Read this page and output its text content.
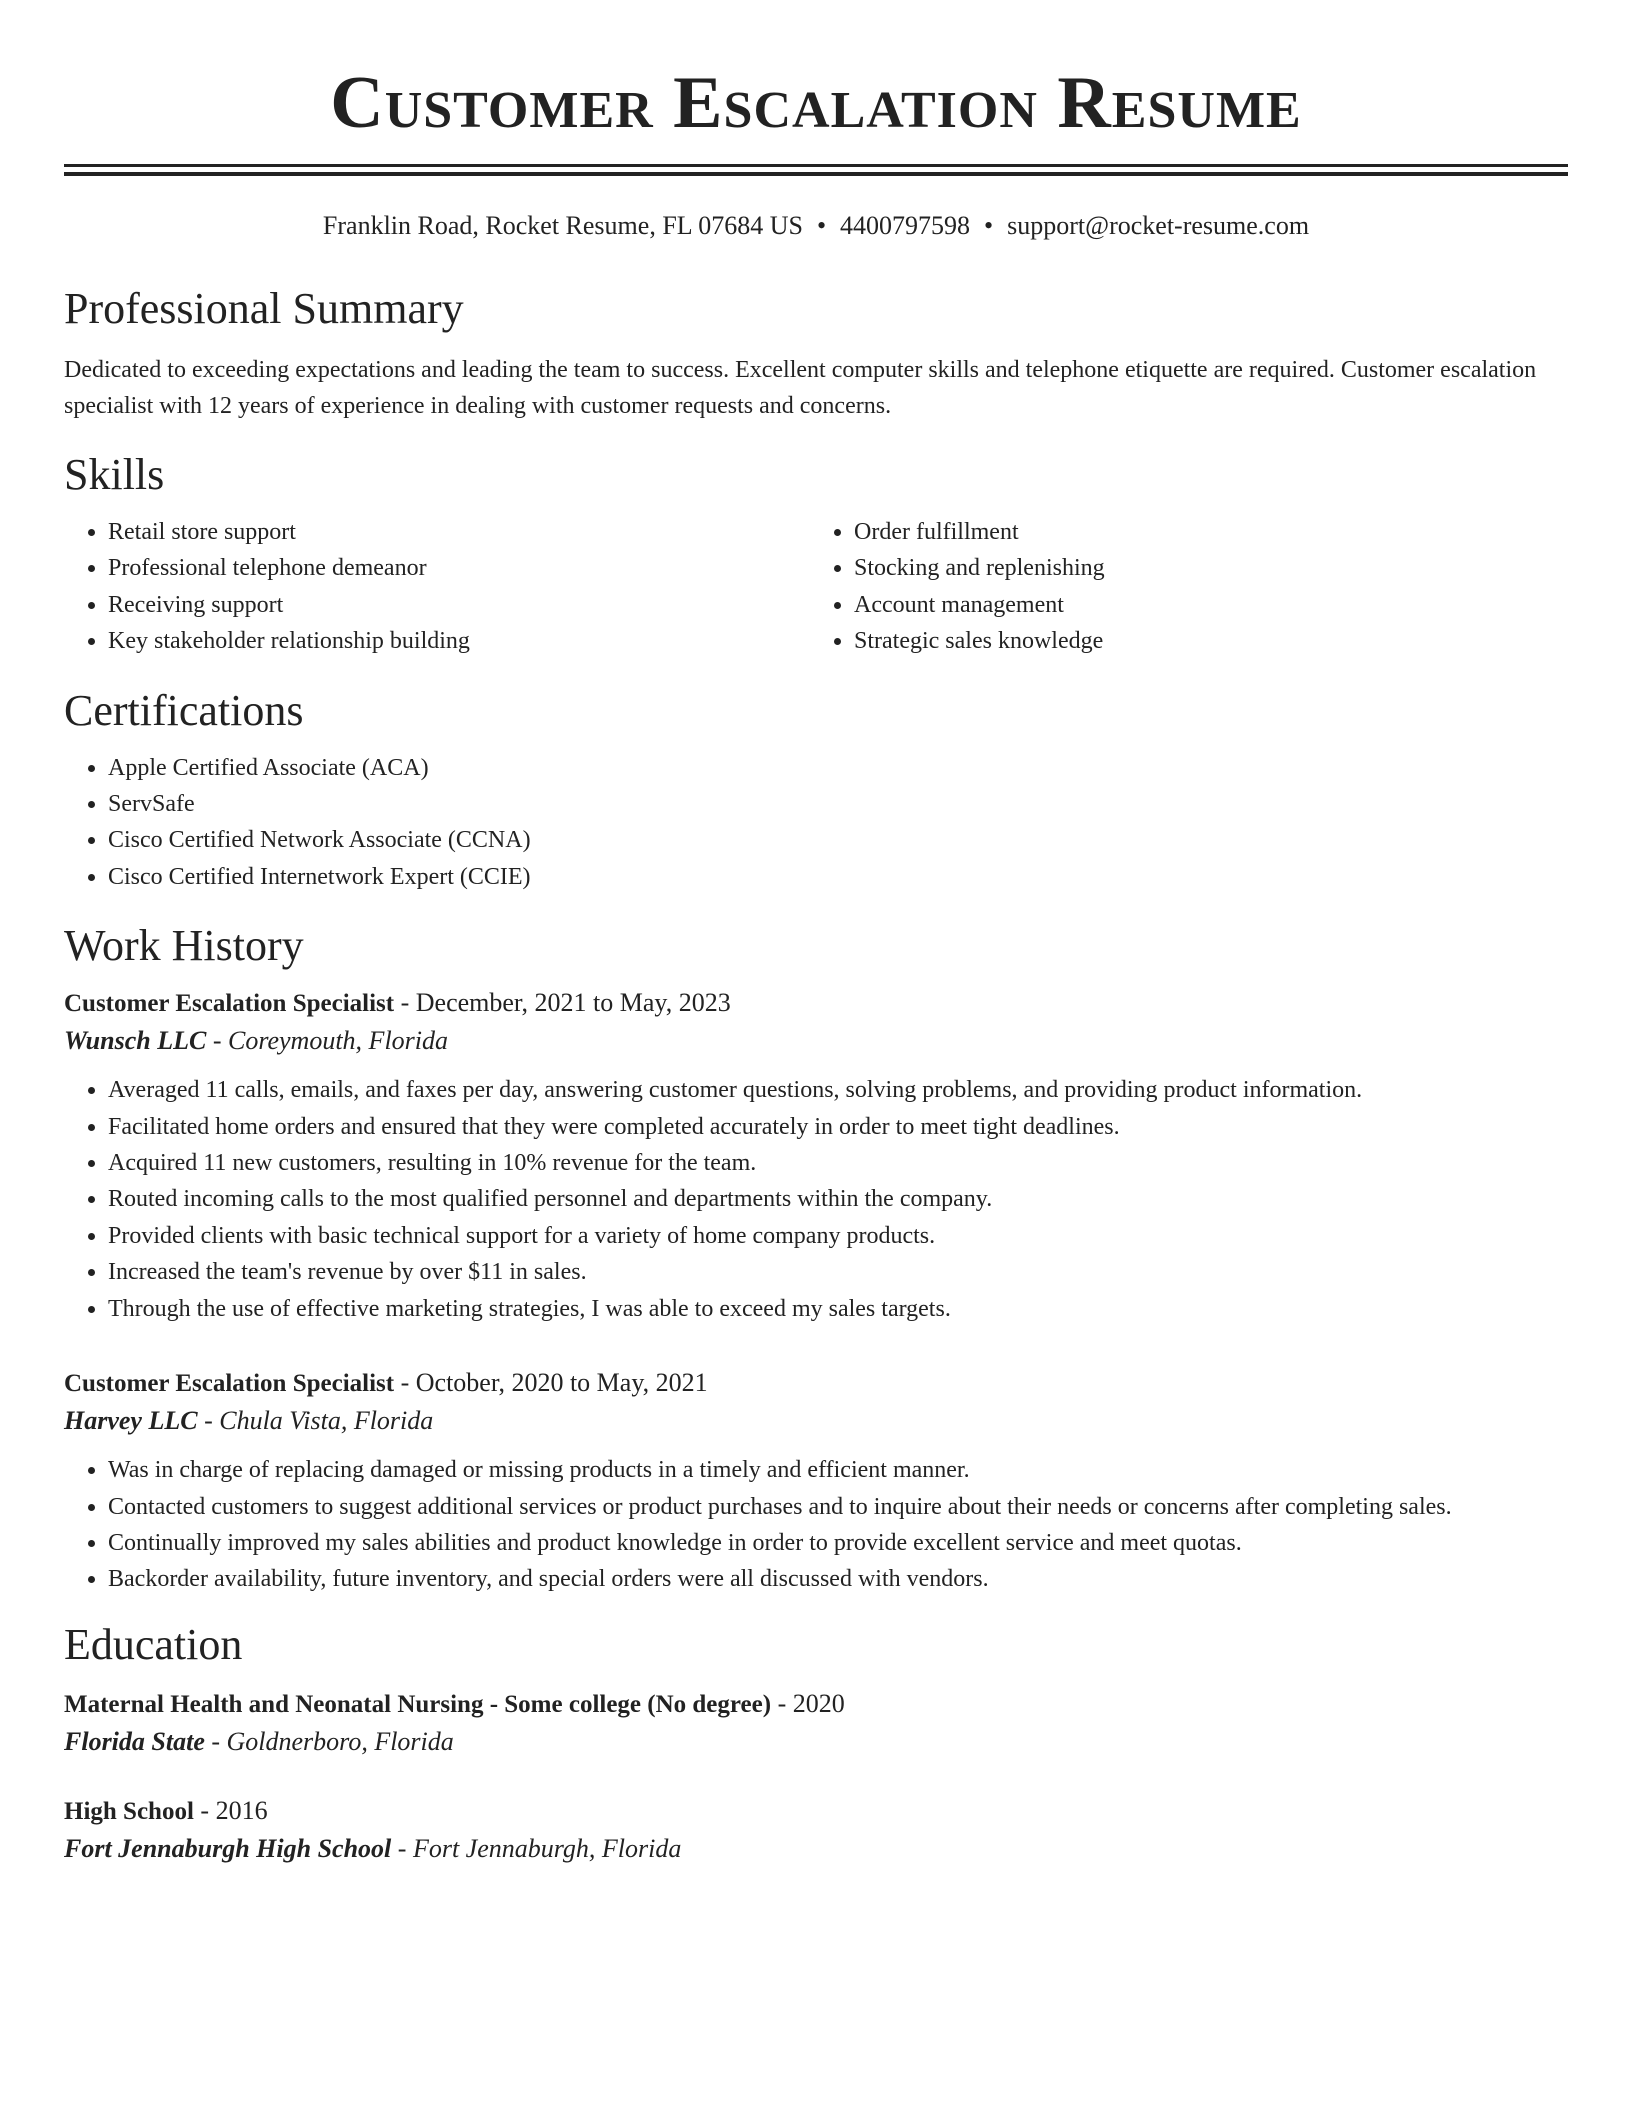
Customer Escalation Resume
Franklin Road, Rocket Resume, FL 07684 US • 4400797598 • support@rocket-resume.com
Professional Summary

Dedicated to exceeding expectations and leading the team to success. Excellent computer skills and telephone etiquette are required. Customer escalation specialist with 12 years of experience in dealing with customer requests and concerns.

Skills
• Retail store support
• Professional telephone demeanor
• Receiving support
• Key stakeholder relationship building
• Order fulfillment
• Stocking and replenishing
• Account management
• Strategic sales knowledge
Certifications
• Apple Certified Associate (ACA)
• ServSafe
• Cisco Certified Network Associate (CCNA)
• Cisco Certified Internetwork Expert (CCIE)
Work History
Customer Escalation Specialist - December, 2021 to May, 2023
Wunsch LLC - Coreymouth, Florida
• Averaged 11 calls, emails, and faxes per day, answering customer questions, solving problems, and providing product information.
• Facilitated home orders and ensured that they were completed accurately in order to meet tight deadlines.
• Acquired 11 new customers, resulting in 10% revenue for the team.
• Routed incoming calls to the most qualified personnel and departments within the company.
• Provided clients with basic technical support for a variety of home company products.
• Increased the team's revenue by over $11 in sales.
• Through the use of effective marketing strategies, I was able to exceed my sales targets.
Customer Escalation Specialist - October, 2020 to May, 2021
Harvey LLC - Chula Vista, Florida
• Was in charge of replacing damaged or missing products in a timely and efficient manner.
• Contacted customers to suggest additional services or product purchases and to inquire about their needs or concerns after completing sales.
• Continually improved my sales abilities and product knowledge in order to provide excellent service and meet quotas.
• Backorder availability, future inventory, and special orders were all discussed with vendors.
Education
Maternal Health and Neonatal Nursing - Some college (No degree) - 2020
Florida State - Goldnerboro, Florida
High School - 2016
Fort Jennaburgh High School - Fort Jennaburgh, Florida
